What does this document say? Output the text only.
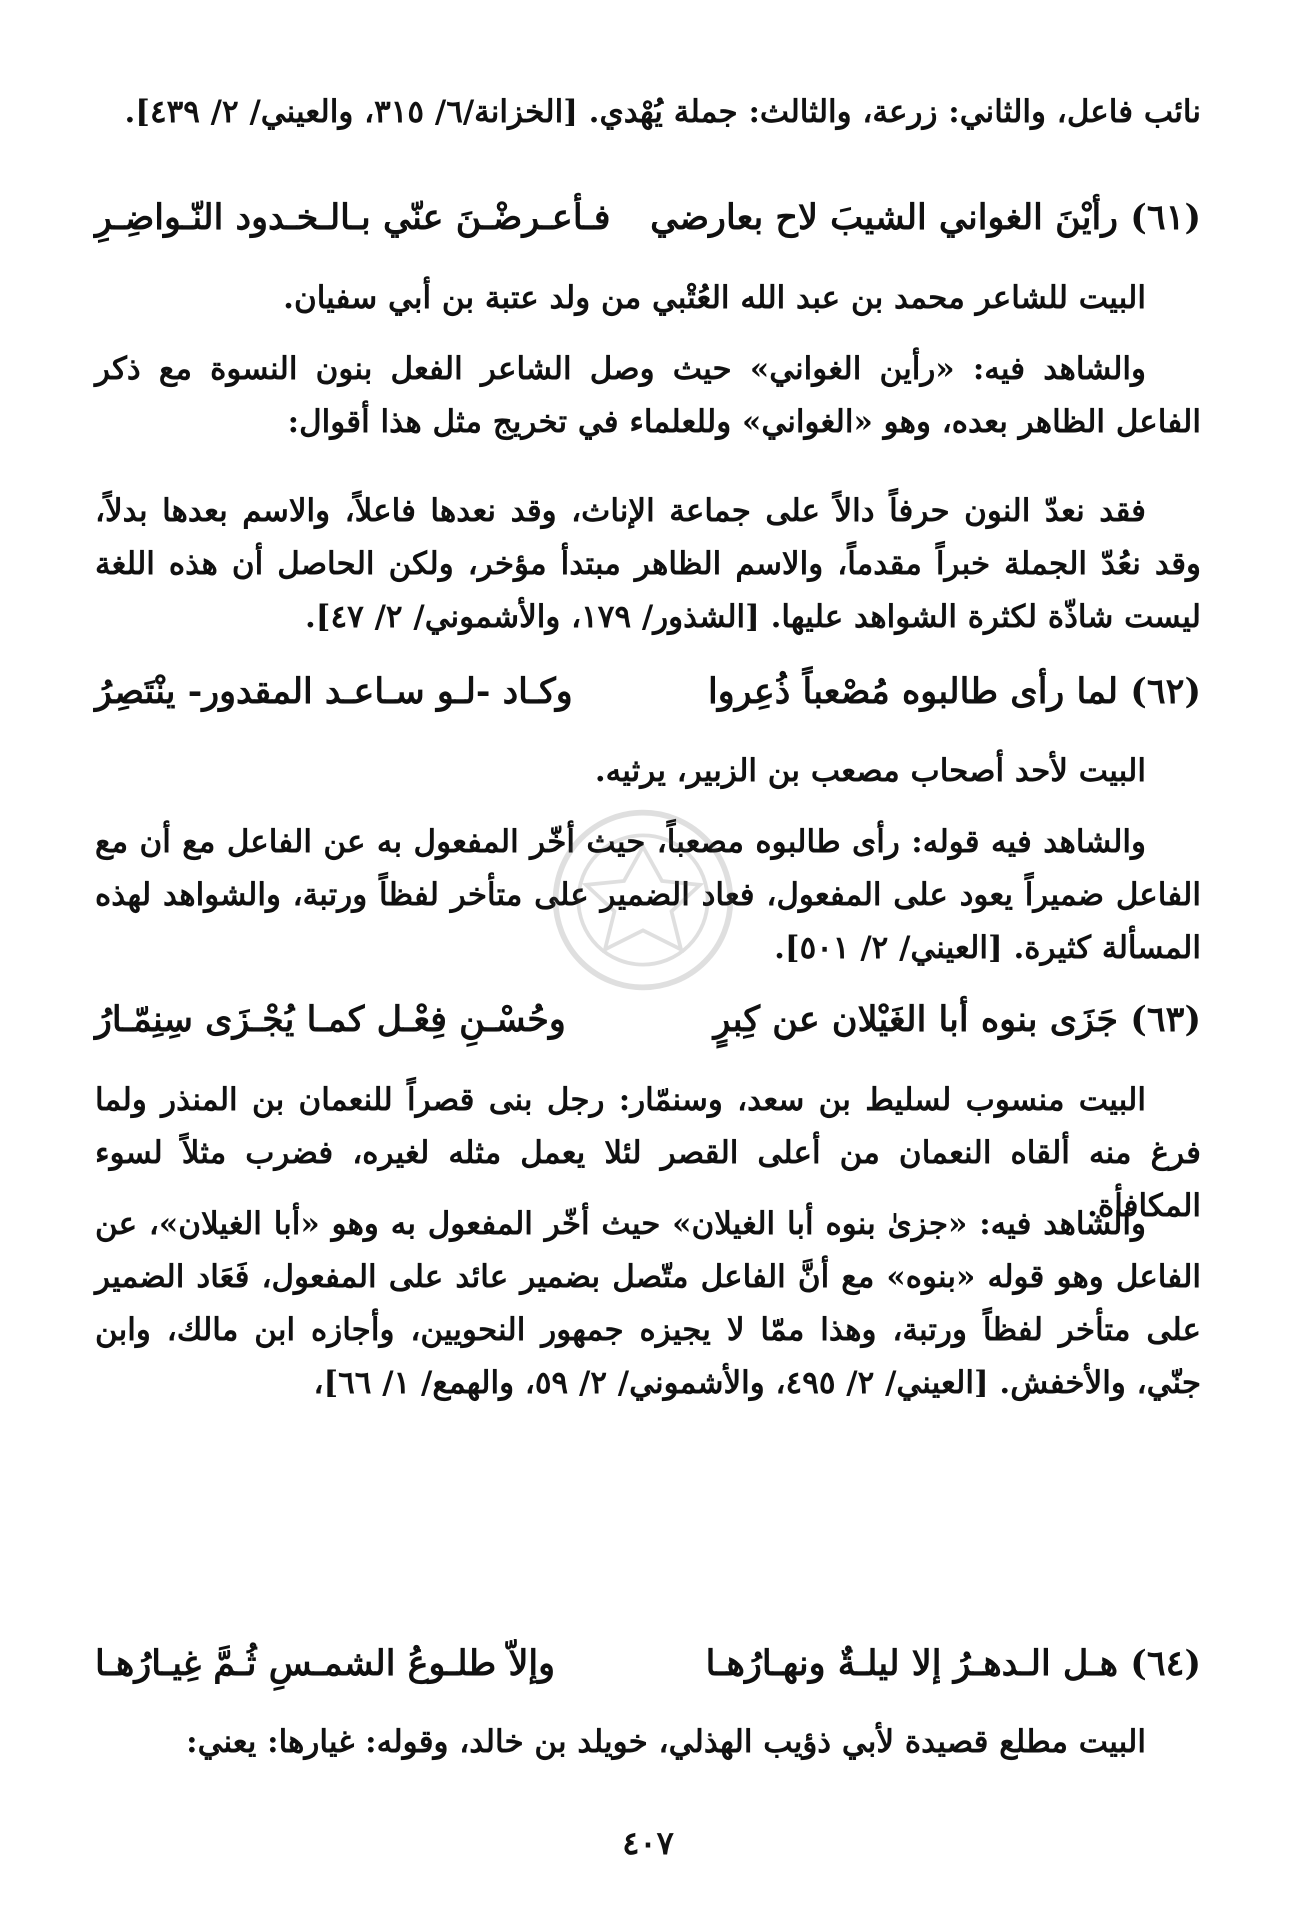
نائب فاعل، والثاني: زرعة، والثالث: جملة يُهْدي. [الخزانة/٦/ ٣١٥، والعيني/ ٢/ ٤٣٩].

(٦١) رأيْنَ الغواني الشيبَ لاح بعارضي
فـأعـرضْـنَ عنّي بـالـخـدود النّـواضِـرِ

البيت للشاعر محمد بن عبد الله العُتْبي من ولد عتبة بن أبي سفيان.

والشاهد فيه: «رأين الغواني» حيث وصل الشاعر الفعل بنون النسوة مع ذكر الفاعل الظاهر بعده، وهو «الغواني» وللعلماء في تخريج مثل هذا أقوال:

فقد نعدّ النون حرفاً دالاً على جماعة الإناث، وقد نعدها فاعلاً، والاسم بعدها بدلاً، وقد نعُدّ الجملة خبراً مقدماً، والاسم الظاهر مبتدأ مؤخر، ولكن الحاصل أن هذه اللغة ليست شاذّة لكثرة الشواهد عليها. [الشذور/ ١٧٩، والأشموني/ ٢/ ٤٧].

(٦٢) لما رأى طالبوه مُصْعباً ذُعِروا
وكـاد -لـو سـاعـد المقدور- ينْتَصِرُ

البيت لأحد أصحاب مصعب بن الزبير، يرثيه.

والشاهد فيه قوله: رأى طالبوه مصعباً، حيث أخّر المفعول به عن الفاعل مع أن مع الفاعل ضميراً يعود على المفعول، فعاد الضمير على متأخر لفظاً ورتبة، والشواهد لهذه المسألة كثيرة. [العيني/ ٢/ ٥٠١].

(٦٣) جَزَى بنوه أبا الغَيْلان عن كِبرٍ
وحُسْـنِ فِعْـل كمـا يُجْـزَى سِنِمّـارُ

البيت منسوب لسليط بن سعد، وسنمّار: رجل بنى قصراً للنعمان بن المنذر ولما فرغ منه ألقاه النعمان من أعلى القصر لئلا يعمل مثله لغيره، فضرب مثلاً لسوء المكافأة.

والشاهد فيه: «جزىٰ بنوه أبا الغيلان» حيث أخّر المفعول به وهو «أبا الغيلان»، عن الفاعل وهو قوله «بنوه» مع أنَّ الفاعل متّصل بضمير عائد على المفعول، فَعَاد الضمير على متأخر لفظاً ورتبة، وهذا ممّا لا يجيزه جمهور النحويين، وأجازه ابن مالك، وابن جنّي، والأخفش. [العيني/ ٢/ ٤٩٥، والأشموني/ ٢/ ٥٩، والهمع/ ١/ ٦٦]،

(٦٤) هـل الـدهـرُ إلا ليلـةٌ ونهـارُهـا
وإلاّ طلـوعُ الشمـسِ ثُـمَّ غِيـارُهـا

البيت مطلع قصيدة لأبي ذؤيب الهذلي، خويلد بن خالد، وقوله: غيارها: يعني:

٤٠٧
